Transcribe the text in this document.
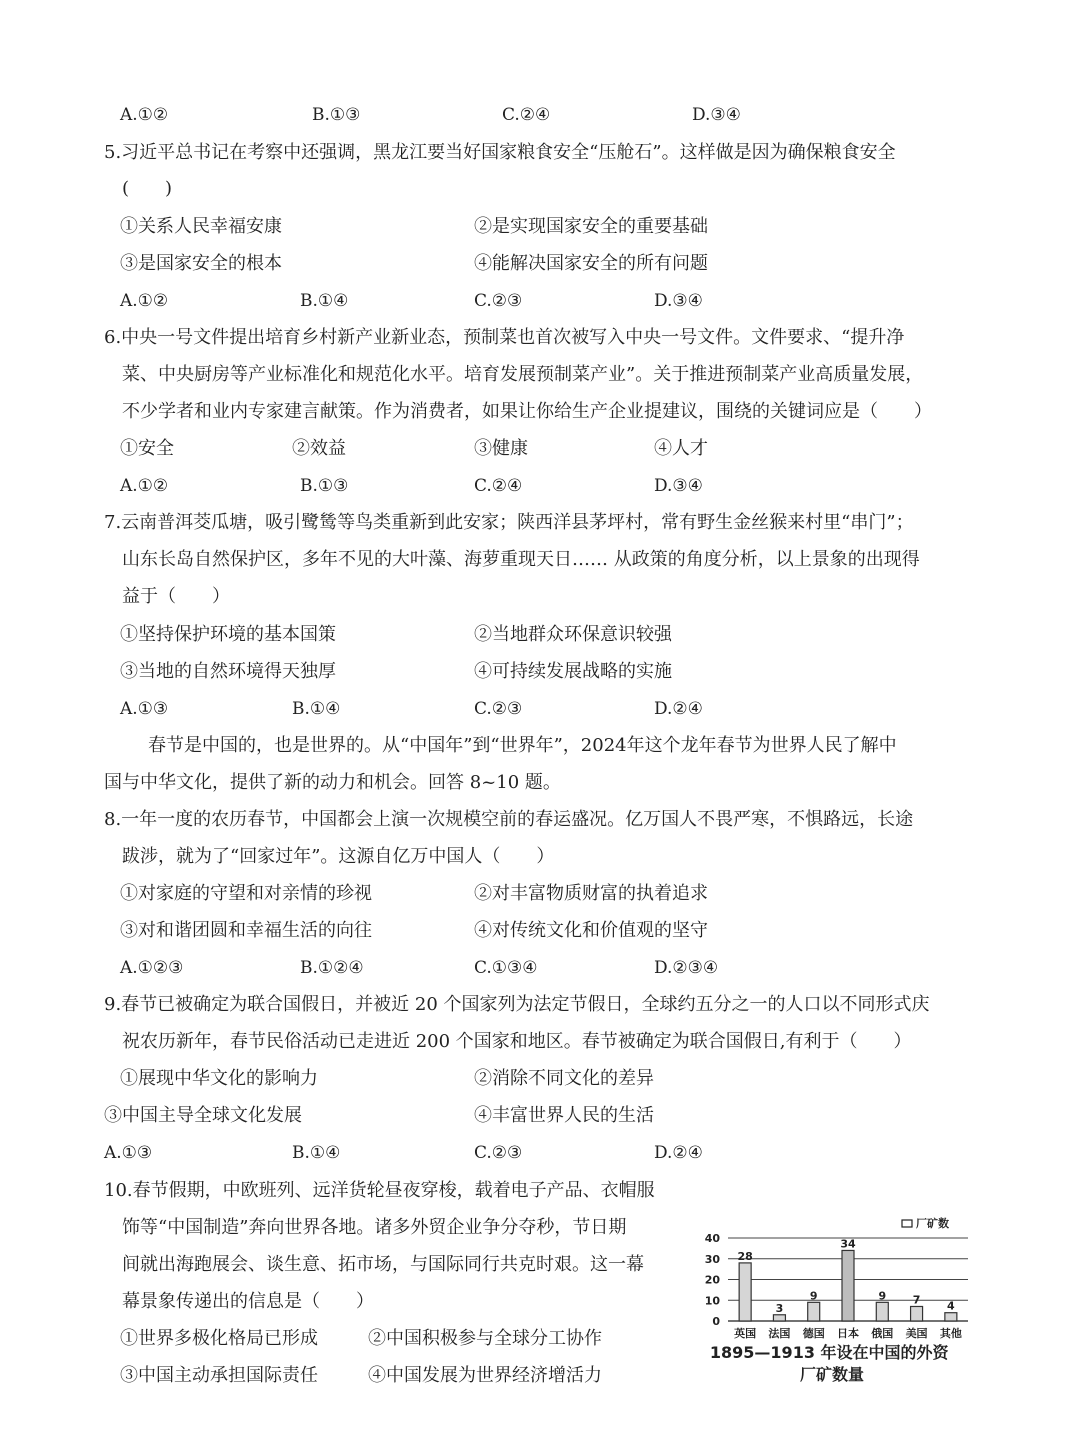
A.①②	B.①③	C.②④	D.③④
5.习近平总书记在考察中还强调，黑龙江要当好国家粮食安全“压舱石”。这样做是因为确保粮食安全
(　　)
①关系人民幸福安康	②是实现国家安全的重要基础
③是国家安全的根本	④能解决国家安全的所有问题
A.①②	B.①④	C.②③	D.③④
6.中央一号文件提出培育乡村新产业新业态，预制菜也首次被写入中央一号文件。文件要求、“提升净
菜、中央厨房等产业标准化和规范化水平。培育发展预制菜产业”。关于推进预制菜产业高质量发展，
不少学者和业内专家建言献策。作为消费者，如果让你给生产企业提建议，围绕的关键词应是（　　）
①安全	②效益	③健康	④人才
A.①②	B.①③	C.②④	D.③④
7.云南普洱茭瓜塘，吸引鹭鸶等鸟类重新到此安家；陕西洋县茅坪村，常有野生金丝猴来村里“串门”；
山东长岛自然保护区，多年不见的大叶藻、海萝重现天日…… 从政策的角度分析，以上景象的出现得
益于（　　）
①坚持保护环境的基本国策	②当地群众环保意识较强
③当地的自然环境得天独厚	④可持续发展战略的实施
A.①③	B.①④	C.②③	D.②④
春节是中国的，也是世界的。从“中国年”到“世界年”，2024年这个龙年春节为世界人民了解中
国与中华文化，提供了新的动力和机会。回答 8~10 题。
8.一年一度的农历春节，中国都会上演一次规模空前的春运盛况。亿万国人不畏严寒，不惧路远，长途
跋涉，就为了“回家过年”。这源自亿万中国人（　　）
①对家庭的守望和对亲情的珍视	②对丰富物质财富的执着追求
③对和谐团圆和幸福生活的向往	④对传统文化和价值观的坚守
A.①②③	B.①②④	C.①③④	D.②③④
9.春节已被确定为联合国假日，并被近 20 个国家列为法定节假日，全球约五分之一的人口以不同形式庆
祝农历新年，春节民俗活动已走进近 200 个国家和地区。春节被确定为联合国假日,有利于（　　）
①展现中华文化的影响力	②消除不同文化的差异
③中国主导全球文化发展	④丰富世界人民的生活
A.①③	B.①④	C.②③	D.②④
10.春节假期，中欧班列、远洋货轮昼夜穿梭，载着电子产品、衣帽服
饰等“中国制造”奔向世界各地。诸多外贸企业争分夺秒，节日期
间就出海跑展会、谈生意、拓市场，与国际同行共克时艰。这一幕
幕景象传递出的信息是（　　）
①世界多极化格局已形成	②中国积极参与全球分工协作
③中国主动承担国际责任	④中国发展为世界经济增活力
0
10
20
30
40
28
英国
3
法国
9
德国
34
日本
9
俄国
7
美国
4
其他
厂矿数
1895—1913 年设在中国的外资 厂矿数量
